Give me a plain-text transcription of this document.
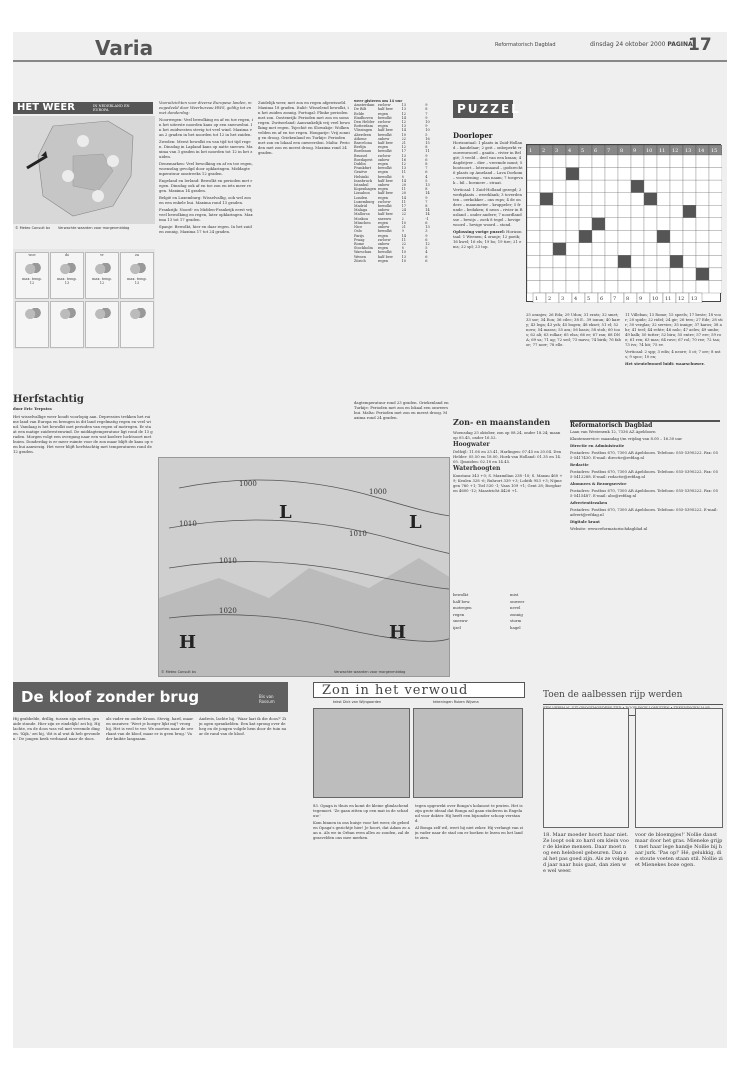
Varia	Reformatorisch Dagblad	dinsdag 24 oktober 2000 PAGINA
17
HET WEER	IN NEDERLAND EN EUROPA
© Meteo Consult bv Verwachte waarden voor morgenmiddag
woe
max. temp.
12
do
max. temp.
13
vr
max. temp.
12
za
max. temp.
13
Herfstachtig
door Eric Terpstra
Het wisselvallige weer houdt voorlopig aan. Depressies trekken het ruime land van Europa en brengen in dit land regelmatig regen en veel wind. Vandaag is het bewolkt met perioden van regen of motregen. Er staat een matige zuidwestenwind. De middagtemperatuur ligt rond de 13 graden. Morgen volgt een overgang naar een wat koelere luchtsoort met buien. Donderdag is er meer ruimte voor de zon maar blijft de kans op een bui aanwezig. Het weer blijft herfstachtig met temperaturen rond de 12 graden.

Vooruitzichten voor diverse Europese landen, meegedeeld door Weerbureau HWS, geldig tot en met donderdag:

Noorwegen: Veel bewolking en af en toe regen, in het uiterste noorden kans op een sneeuwbui. In het zuidwesten stevig tot veel wind. Maxima van 2 graden in het noorden tot 12 in het zuiden.

Zweden: Meest bewolkt en van tijd tot tijd regen. Dinsdag in Lapland kans op natte sneeuw. Maxima van 3 graden in het noorden tot 12 in het zuiden.

Denemarken: Veel bewolking en af en toe regen, woensdag gevolgd door opklaringen. Middagtemperatuur omstreeks 12 graden.

Engeland en Ierland: Bewolkt en perioden met regen. Dinsdag ook af en toe zon en iets meer regen. Maxima 14 graden.

België en Luxemburg: Wisselvallig, ook wel zon en een enkele bui. Maxima rond 13 graden.

Frankrijk: Noord- en Midden-Frankrijk eerst vrij veel bewolking en regen, later opklaringen. Maxima 13 tot 17 graden.

Spanje: Bewolkt, hier en daar regen. In het zuiden zonnig. Maxima 17 tot 24 graden.

Zuidelijk weer, met zon en regen afgewisseld. Maxima 18 graden. Italië: Wisselend bewolkt, in het zuiden zonnig. Portugal: Flinke perioden met zon. Oostenrijk: Perioden met zon en soms regen. Zwitserland: Aanvankelijk vrij veel bewolking met regen. Tsjechië en Slowakije: Wolkenvelden en af en toe regen. Hongarije: Vrij zonnig en droog. Griekenland en Turkije: Perioden met zon en lokaal een onweersbui. Malta: Perioden met zon en meest droog. Maxima rond 24 graden.
weer gisteren om 14 uur
Amsterdam zw.bew	13	9
De Bilt	half bew	13	8
Eelde	regen	12	7
Eindhoven	bewolkt	14	9
Den Helder zw.bew	12	10
Rotterdam	regen	13	9
Vlissingen	half bew	14	10
Aberdeen	bewolkt	10	5
Athene	onbew	22	16
Barcelona	half bew	21	15
Berlijn	regen	12	8
Bordeaux	bewolkt	17	11
Brussel	zw.bew	13	9
Boedapest	onbew	16	6
Dublin	regen	12	8
Frankfurt	bewolkt	13	7
Genève	regen	11	6
Helsinki	bewolkt	8	4
Innsbruck	half bew	14	5
Istanbul	onbew	20	13
Kopenhagen regen	11	8
Lissabon	half bew	20	14
Londen	regen	14	9
Luxemburg zw.bew	11	7
Madrid	bewolkt	17	8
Malaga	onbew	24	14
Mallorca	half bew	22	14
Moskou	sneeuw	2	-1
München	regen	10	6
Nice	onbew	21	13
Oslo	bewolkt	9	3
Parijs	regen	14	9
Praag	zw.bew	11	6
Rome	onbew	22	12
Stockholm	regen	8	5
Warschau	bewolkt	10	4
Wenen	half bew	13	6
Zürich	regen	10	6
dagtemperatuur rond 23 graden. Griekenland en Turkije: Perioden met zon en lokaal een onweersbui. Malta: Perioden met zon en meest droog. Maxima rond 24 graden.
1000
1000
1010
1010
1010
1020
L	L
H	H
© Meteo Consult bv	Verwachte waarden voor morgenmiddag
PUZZEL
Doorloper

Horizontaal: 1 plaats in Zuid-Holland – kandelaar; 2 geit – onbeperkt vrouwenwoord – gaaiïn – rivier in België; 3 veeld – deel van een kraan; 4 dagdrijver – dier – vreemde munt; 5 bootsoort – loterunaand – godsrecht 6 plaats op Ameland – Lava Dorkom – voorziening – van naam; 7 toegevak – bil – boemerr – straat.

Verticaal: 1 Zuid-Holland gezegd; 2 werkplaats – weerklank; 3 toverdenten – oerkokker – ons rups; 4 de ondere – maanmeter – kruppeler; 5 frunde – bedaken; 6 neon – rivier in Rusland – onder andere; 7 noordlandsse – bewijs – zoek 8 tegel – hevige woord – hevige woord – stond.

Oplossing vorige puzzel: Horizontaal: 1 Weenen; 4 oranje; 12 poeik; 16 kwel; 16 els; 19 bo; 19 tire; 21 ems; 22 spl; 23 top.

1 2 3 4 5 6 7 8 9 10 11 12 13 14 15
1 2 3 4 5 6 7 8 9 10 11 12 13
25 oranjes; 26 Eda; 29 Udon; 31 erats; 32 smet; 33 sor; 34 Eon; 36 cilec; 38 E.. 39 ionun; 40 karry; 43 lega; 43 ysh; 45 bogen; 48 ekset; 51 el; 52 novo; 54 maras; 55 ara; 56 basis; 58 stoh; 60 toos; 62 ali; 63 rolkar; 65 elsa; 66 er; 67 ran; 68 DNA; 69 sa; 71 ag; 72 sed; 73 mavu; 74 birik; 76 fabor; 77 norr; 78 elle.

11 Villeban; 13 Rome; 15 speels; 17 beste; 18 voor; 20 spide; 22 ridel; 24 gir; 26 tero; 27 Ede; 28 stir; 30 verglas; 32 servies; 35 innige; 37 karos; 38 ahr; 41 teel; 44 rehte; 46 nolo; 47 aeles; 49 umbe; 49 kalk; 50 tutter; 52 bira; 55 entre; 57 ere; 59 roe; 61 ren; 63 mas; 64 rave; 67 rol; 70 ree; 72 taa; 73 ivs; 74 hit; 75 ev.

Verticaal: 2 spp; 3 edis; 4 neore; 5 ot; 7 ore; 8 nsts; 9 spoc; 10 en;

Het steutelwoord luidt: waarschuwer.

Zon- en maanstanden

Woensdag 25 oktober, zon op 08.24, onder 18.24; maan op 05.45, onder 16.52.

Hoogwater

Delfzijl: 11.06 en 23.41, Harlingen: 07.45 en 20.04. Den Helder: 05.50 en 18.00, Hoek van Holland: 01.35 en 14.05. IJmuiden: 02.18 en 14.45.

Waterhoogten

Konstanz 343 +0; S. Maxmilian 238 -10; S. Maxau 460 +9; Keulen 328 -6; Ruhrort 339 +3; Lobith 953 +3; Nijmegen 760 +1; Tiel 530 -1; Vaas 109 +1; Gent 28; Borgharen 4600 -12; Maastricht 4426 +1.

bewolkt
half bew.
motregen
regen
sneeuw
ijzel
mist
onweer
nevel
zonnig
storm
hagel
Reformatorisch Dagblad

Laan van Westenenk 12, 7336 AZ Apeldoorn

Klantenservice: maandag t/m vrijdag van 8.00 – 16.30 uur

Directie en Administratie

Postadres: Postbus 670, 7300 AR Apeldoorn. Telefoon: 055-5390222. Fax: 055-5417430. E-mail: directie@refdag.nl

Redactie

Postadres: Postbus 670, 7300 AR Apeldoorn. Telefoon: 055-5390222. Fax: 055-5412288. E-mail: redactie@refdag.nl

Abonnees & Bezorgservice

Postadres: Postbus 670, 7300 AR Apeldoorn. Telefoon: 055-5390222. Fax: 055-5415487. E-mail: abo@refdag.nl

Advertentiezaken

Postadres: Postbus 670, 7300 AR Apeldoorn. Telefoon: 055-5390222. E-mail: advert@refdag.nl

Digitale krant

Website: www.reformatorischdagblad.nl

De kloof zonder brug	Bis van Rossum
Hij grabbelde, drillig, tussen zijn netten, graaide stunde. Hier zijn ze eindelijk! zei hij. Hij lachte, en de doos was vol met vreemde dingen. 'Kijk,' zei hij, 'dit is al wat ik heb gevonden.' De jongen keek verbaasd naar de doos.
als vader en ouder Kroon. Stevig, hard, maar en onzuiver. 'Weet je hoeger lijkt mij? vroeg hij. Het is veel te ver. We moeten naar de overkant van de kloof, maar er is geen brug.' Vader knikte langzaam.
Andreis, lachte hij. 'Waar laat ik die doos?' Zijn ogen sprankelden. Een kat sprong over de heg en de jongen volgde hem door de tuin naar de rand van de kloof.
Zon in het verwoud
tekst Dick van Wijngaarden	tekeningen Ruben Wijsma

83. Opaga is thuis en komt de kleine glimlachend tegemoet. 'Ze gaan zitten op een mat in de schaduw.'

Kom binnen in ons huisje voor het weer, de gebed en Opaga's gezichtje hier! Je hoort, dat Adam zo aan u. Als we in Orban even alles zo zouden, zal de grasvelden ons mee merken.

tegen opgewekt over Bonga's kolanoot te praten. Het is zijn grote ideaal dat Bonga zal gaan studeren in Engeland voor dokter. Hij heeft een bijzonder schoop verstand.

Al Bonga zelf wil, weet hij niet zeker. Hij verlangt van zijn vader naar de stad om er boeken te lezen en het land te zien.

Toen de aalbessen rijp werden
DOOR
18. Maar moeder hoort haar niet. Ze loopt ook zo hard om klein voor de kleine mensen. Daar moet nog een heleboel gebeuren. Dan zal het pas goed zijn. Als ze volgend jaar naar huis gaat, dan zien we wel weer.
voor de bloempjes!' Nollie danst maar door het gras. Mieneke grijpt met haar lege handje Nollie bij haar jurk. 'Pas op!' Hé, gelukkig, die stoute voeten staan stil. Nollie ziet Mienekes boze ogen.
